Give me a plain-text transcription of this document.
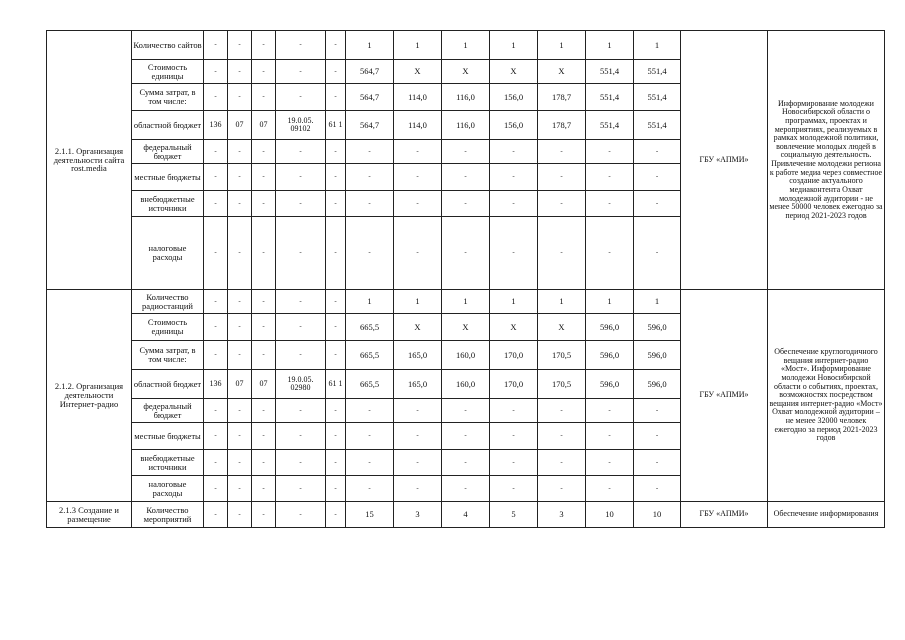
2.1.1. Организация деятельности сайта rost.media	Количество сайтов	-	-	-	-	-	1	1	1	1	1	1	1	ГБУ «АПМИ»	Информирование молодежи Новосибирской области о программах, проектах и мероприятиях, реализуемых в рамках молодежной политики, вовлечение молодых людей в социальную деятельность. Привлечение молодежи региона к работе медиа через совместное создание актуального медиаконтента Охват молодежной аудитории - не менее 50000 человек ежегодно за период 2021-2023 годов
	Стоимость единицы	-	-	-	-	-	564,7	Х	Х	Х	Х	551,4	551,4		
	Сумма затрат, в том числе:	-	-	-	-	-	564,7	114,0	116,0	156,0	178,7	551,4	551,4		
	областной бюджет	136	07	07	19.0.05. 09102	61 1	564,7	114,0	116,0	156,0	178,7	551,4	551,4		
	федеральный бюджет	-	-	-	-	-	-	-	-	-	-	-	-		
	местные бюджеты	-	-	-	-	-	-	-	-	-	-	-	-		
	внебюджетные источники	-	-	-	-	-	-	-	-	-	-	-	-		
	налоговые расходы	-	-	-	-	-	-	-	-	-	-	-	-		
2.1.2. Организация деятельности Интернет-радио	Количество радиостанций	-	-	-	-	-	1	1	1	1	1	1	1	ГБУ «АПМИ»	Обеспечение круглогодичного вещания интернет-радио «Мост». Информирование молодежи Новосибирской области о событиях, проектах, возможностях посредством вещания интернет-радио «Мост» Охват молодежной аудитории – не менее 32000 человек ежегодно за период 2021-2023 годов
	Стоимость единицы	-	-	-	-	-	665,5	Х	Х	Х	Х	596,0	596,0		
	Сумма затрат, в том числе:	-	-	-	-	-	665,5	165,0	160,0	170,0	170,5	596,0	596,0		
	областной бюджет	136	07	07	19.0.05. 02980	61 1	665,5	165,0	160,0	170,0	170,5	596,0	596,0		
	федеральный бюджет	-	-	-	-	-	-	-	-	-	-	-	-		
	местные бюджеты	-	-	-	-	-	-	-	-	-	-	-	-		
	внебюджетные источники	-	-	-	-	-	-	-	-	-	-	-	-		
	налоговые расходы	-	-	-	-	-	-	-	-	-	-	-	-		
2.1.3 Создание и размещение	Количество мероприятий	-	-	-	-	-	15	3	4	5	3	10	10	ГБУ «АПМИ»	Обеспечение информирования
